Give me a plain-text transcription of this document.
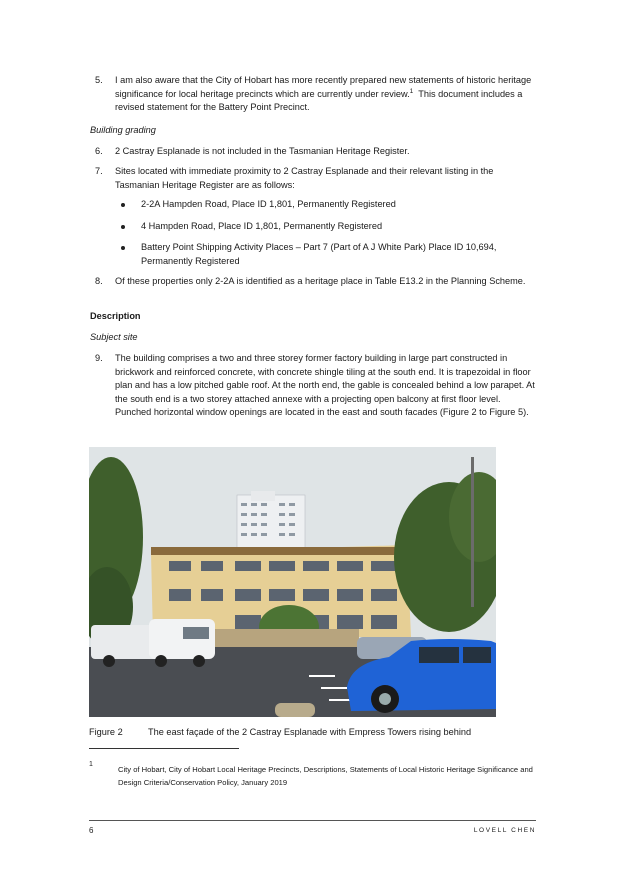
5.	I am also aware that the City of Hobart has more recently prepared new statements of historic heritage significance for local heritage precincts which are currently under review.$^1$ This document includes a revised statement for the Battery Point Precinct.
Building grading
6.	2 Castray Esplanade is not included in the Tasmanian Heritage Register.
7.	Sites located with immediate proximity to 2 Castray Esplanade and their relevant listing in the Tasmanian Heritage Register are as follows:
2-2A Hampden Road, Place ID 1,801, Permanently Registered
4 Hampden Road, Place ID 1,801, Permanently Registered
Battery Point Shipping Activity Places – Part 7 (Part of A J White Park) Place ID 10,694, Permanently Registered
8.	Of these properties only 2-2A is identified as a heritage place in Table E13.2 in the Planning Scheme.
Description
Subject site
9.	The building comprises a two and three storey former factory building in large part constructed in brickwork and reinforced concrete, with concrete shingle tiling at the south end. It is trapezoidal in floor plan and has a low pitched gable roof. At the north end, the gable is concealed behind a low parapet. At the south end is a two storey attached annexe with a projecting open balcony at first floor level. Punched horizontal window openings are located in the east and south facades (Figure 2 to Figure 5).
Figure 2	The east façade of the 2 Castray Esplanade with Empress Towers rising behind
1
City of Hobart, City of Hobart Local Heritage Precincts, Descriptions, Statements of Local Historic Heritage Significance and Design Criteria/Conservation Policy, January 2019
6	LOVELL CHEN
